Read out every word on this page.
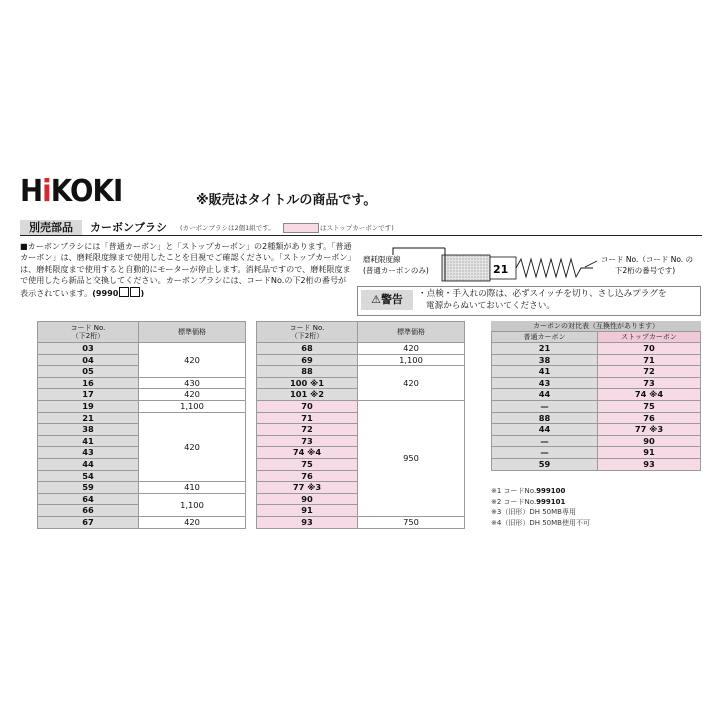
HiKOKI	※販売はタイトルの商品です。
別売部品	カーボンブラシ (カーボンブラシは2個1組です。	はストップカーボンです)
■カーボンブラシには「普通カーボン」と「ストップカーボン」の2種類があります。「普通カーボン」は、磨耗限度線まで使用したことを目視でご確認ください。「ストップカーボン」は、磨耗限度まで使用すると自動的にモーターが停止します。消耗品ですので、磨耗限度まで使用したら新品と交換してください。カーボンブラシには、コードNo.の下2桁の番号が表示されています。(9990	)
磨耗限度線
(普通カーボンのみ)	21
コード No.（コード No. の
下2桁の番号です)
⚠警告	・点検・手入れの際は、必ずスイッチを切り、さし込みプラグを
電源からぬいておいてください。
コード No.
（下2桁）	標準価格
03	420
04	
05	
16	430
17	420
19	1,100
21	420
38	
41	
43	
44	
54	
59	410
64	1,100
66	
67	420
コード No.
（下2桁）	標準価格
68	420
69	1,100
88	420
100 ※1	
101 ※2	
70	950
71	
72	
73	
74 ※4	
75	
76	
77 ※3	
90	
91	
93	750
カーボンの対比表（互換性があります）
普通カーボン	ストップカーボン
21	70
38	71
41	72
43	73
44	74 ※4
—	75
88	76
44	77 ※3
—	90
—	91
59	93
※1 コードNo.999100
※2 コードNo.999101
※3（旧形）DH 50MB専用
※4（旧形）DH 50MB使用不可
